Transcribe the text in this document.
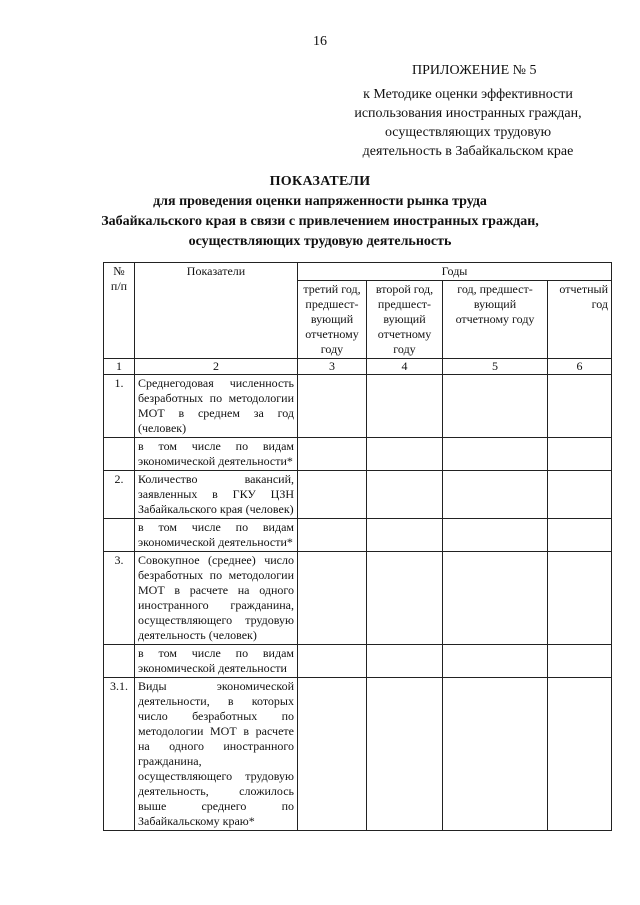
16
ПРИЛОЖЕНИЕ № 5
к Методике оценки эффективности
использования иностранных граждан,
осуществляющих трудовую
деятельность в Забайкальском крае
ПОКАЗАТЕЛИ
для проведения оценки напряженности рынка труда
Забайкальского края в связи с привлечением иностранных граждан,
осуществляющих трудовую деятельность
№ п/п	Показатели	Годы			
		третий год, предшест-вующий отчетному году	второй год, предшест-вующий отчетному году	год, предшест-вующий отчетному году	отчетный год
1	2	3	4	5	6
1.	Среднегодовая численность безработных по методологии МОТ в среднем за год (человек)				
	в том числе по видам экономической деятельности*				
2.	Количество вакансий, заявленных в ГКУ ЦЗН Забайкальского края (человек)				
	в том числе по видам экономической деятельности*				
3.	Совокупное (среднее) число безработных по методологии МОТ в расчете на одного иностранного гражданина, осуществляющего трудовую деятельность (человек)				
	в том числе по видам экономической деятельности				
3.1.	Виды экономической деятельности, в которых число безработных по методологии МОТ в расчете на одного иностранного гражданина, осуществляющего трудовую деятельность, сложилось выше среднего по Забайкальскому краю*				
